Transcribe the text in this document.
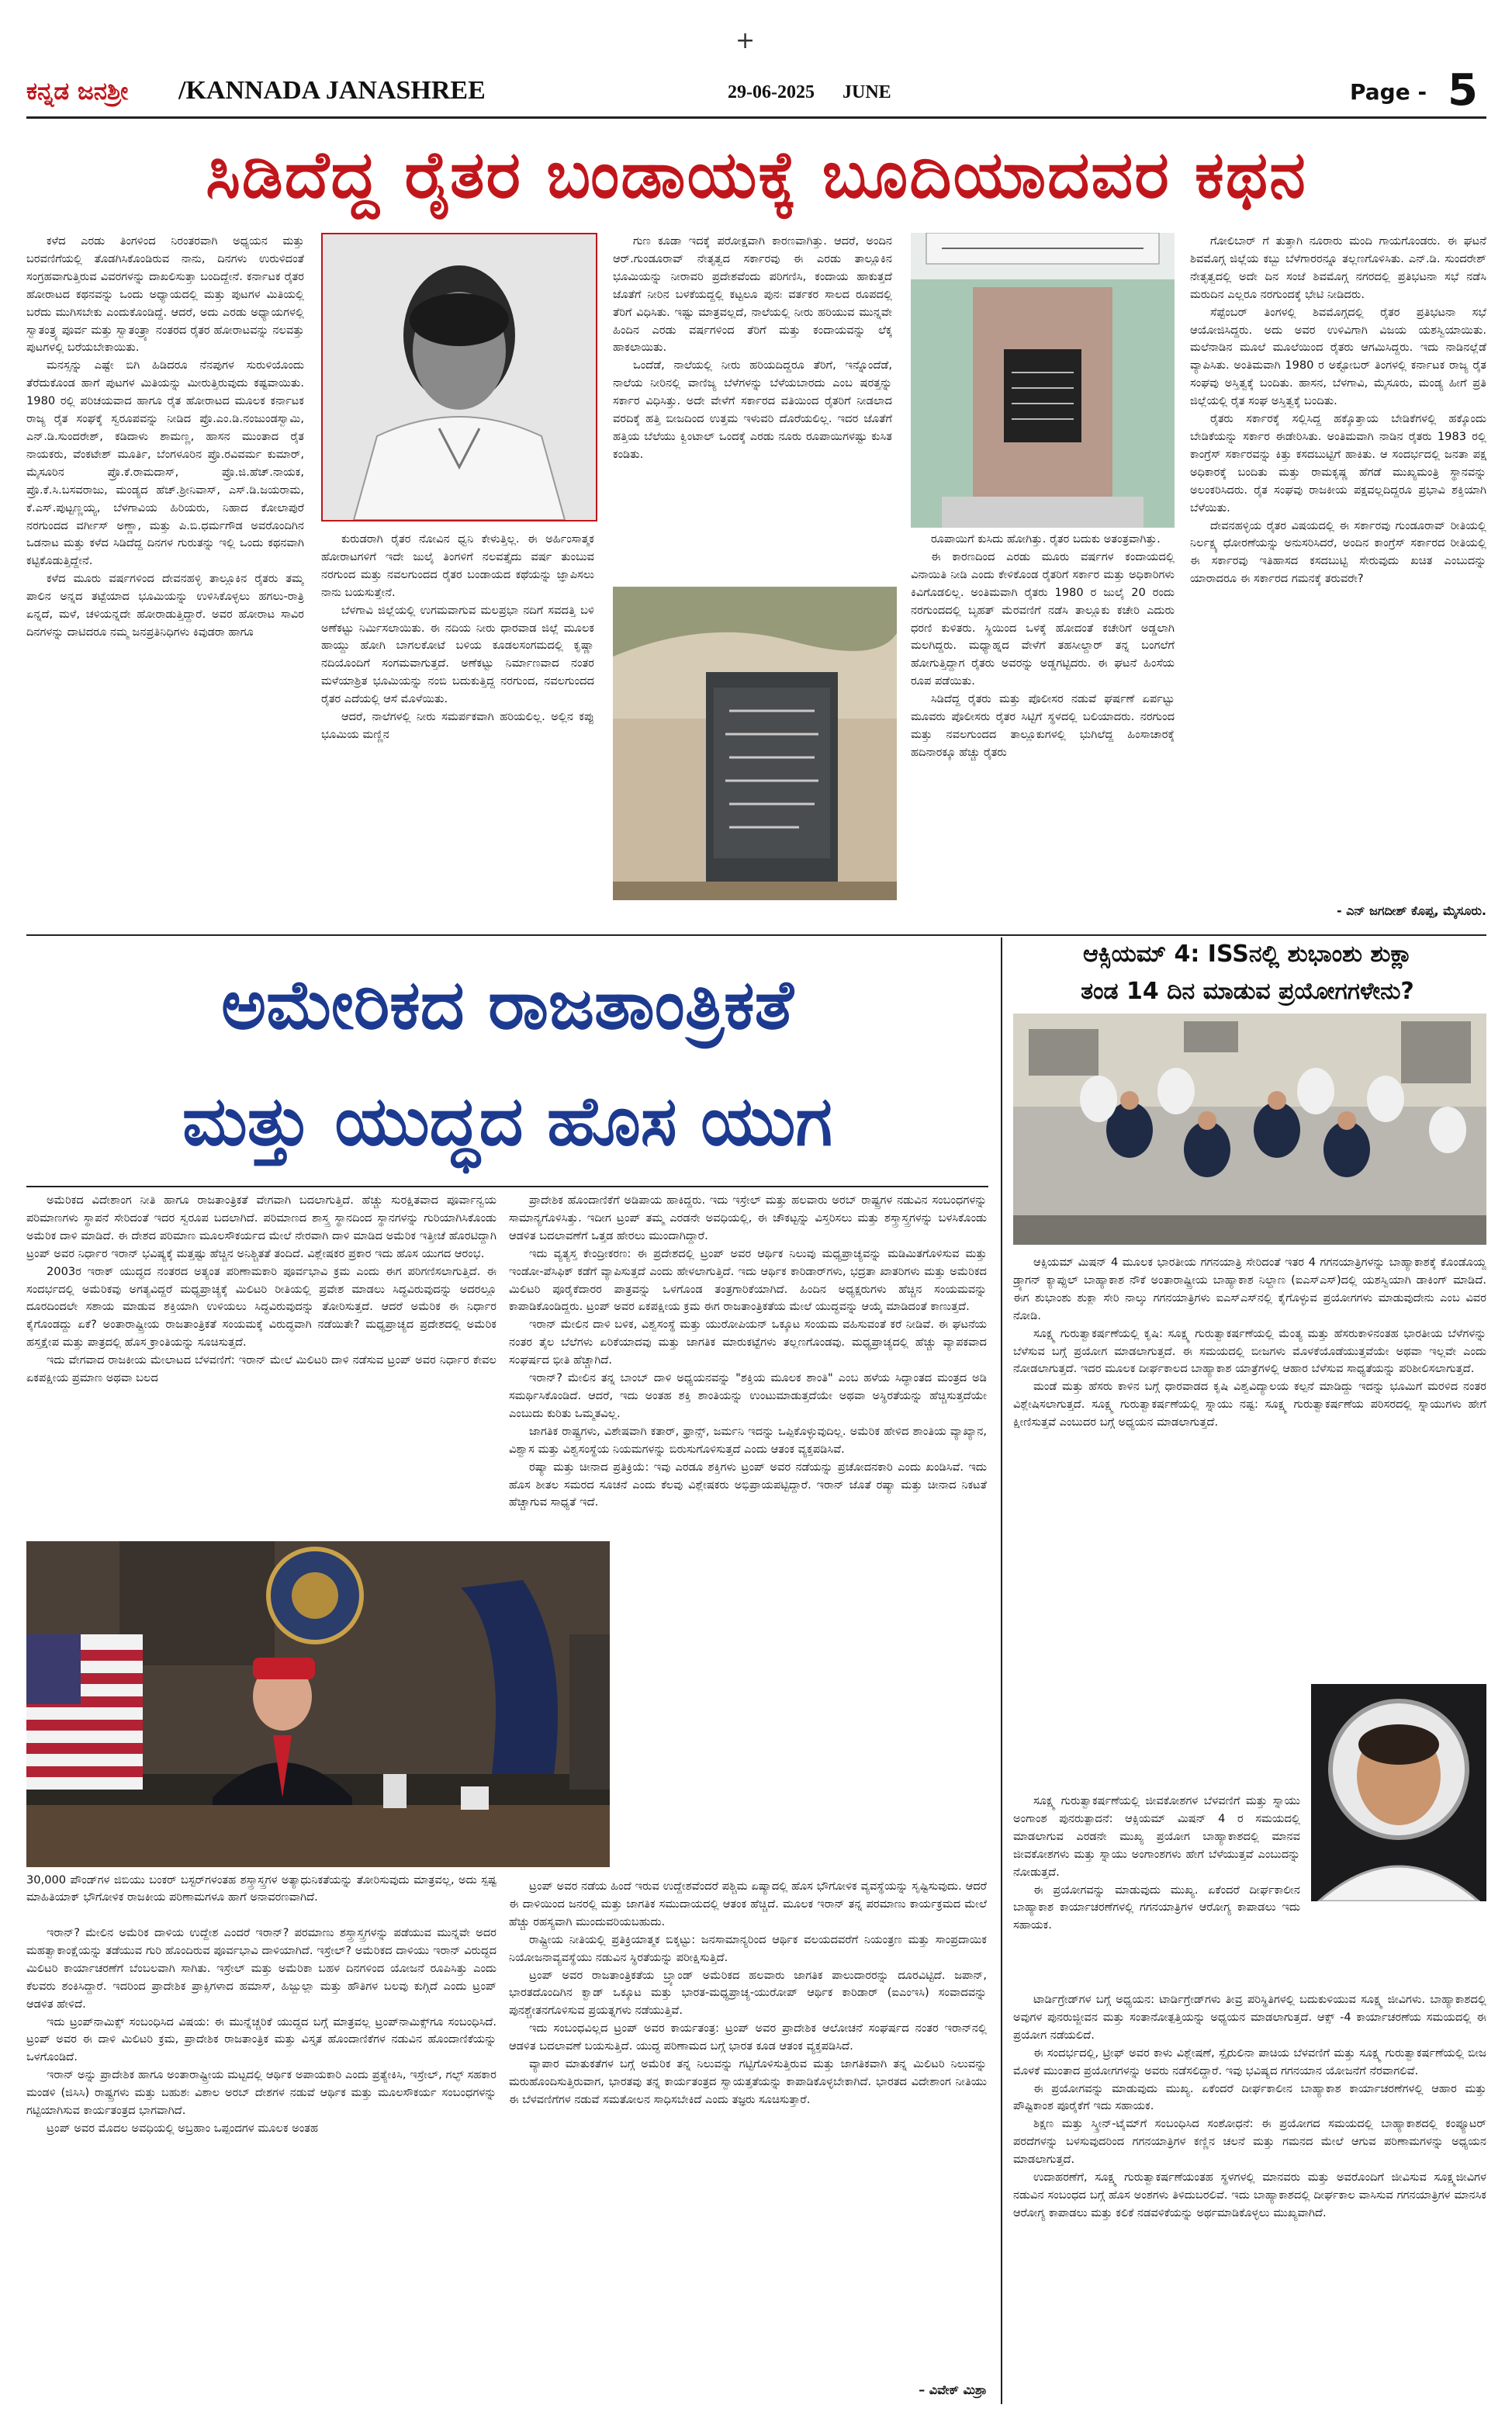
+
ಕನ್ನಡ ಜನಶ್ರೀ /KANNADA JANASHREE	29-06-2025 JUNE	Page - 5
ಸಿಡಿದೆದ್ದ ರೈತರ ಬಂಡಾಯಕ್ಕೆ ಬೂದಿಯಾದವರ ಕಥನ

ಕಳೆದ ಎರಡು ತಿಂಗಳಿಂದ ನಿರಂತರವಾಗಿ ಅಧ್ಯಯನ ಮತ್ತು ಬರವಣಿಗೆಯಲ್ಲಿ ತೊಡಗಿಸಿಕೊಂಡಿರುವ ನಾನು, ದಿನಗಳು ಉರುಳಿದಂತೆ ಸಂಗ್ರಹವಾಗುತ್ತಿರುವ ವಿವರಗಳನ್ನು ದಾಖಲಿಸುತ್ತಾ ಬಂದಿದ್ದೇನೆ. ಕರ್ನಾಟಕ ರೈತರ ಹೋರಾಟದ ಕಥನವನ್ನು ಒಂದು ಅಧ್ಯಾಯದಲ್ಲಿ ಮತ್ತು ಪುಟಗಳ ಮಿತಿಯಲ್ಲಿ ಬರೆದು ಮುಗಿಸಬೇಕು ಎಂದುಕೊಂಡಿದ್ದೆ. ಆದರೆ, ಅದು ಎರಡು ಅಧ್ಯಾಯಗಳಲ್ಲಿ ಸ್ವಾತಂತ್ರ್ಯ ಪೂರ್ವ ಮತ್ತು ಸ್ವಾತಂತ್ರ್ಯಾ ನಂತರದ ರೈತರ ಹೋರಾಟವನ್ನು ನಲವತ್ತು ಪುಟಗಳಲ್ಲಿ ಬರೆಯಬೇಕಾಯಿತು.

ಮನಸ್ಸನ್ನು ಎಷ್ಟೇ ಬಿಗಿ ಹಿಡಿದರೂ ನೆನಪುಗಳ ಸುರುಳಿಯೊಂದು ತೆರೆದುಕೊಂಡ ಹಾಗೆ ಪುಟಗಳ ಮಿತಿಯನ್ನು ಮೀರುತ್ತಿರುವುದು ಕಷ್ಟವಾಯಿತು. 1980 ರಲ್ಲಿ ಪರಿಚಯವಾದ ಹಾಗೂ ರೈತ ಹೋರಾಟದ ಮೂಲಕ ಕರ್ನಾಟಕ ರಾಜ್ಯ ರೈತ ಸಂಘಕ್ಕೆ ಸ್ವರೂಪವನ್ನು ನೀಡಿದ ಪ್ರೊ.ಎಂ.ಡಿ.ನಂಜುಂಡಸ್ವಾಮಿ, ಎನ್.ಡಿ.ಸುಂದರೇಶ್, ಕಡಿದಾಳು ಶಾಮಣ್ಣ, ಹಾಸನ ಮುಂತಾದ ರೈತ ನಾಯಕರು, ವೆಂಕಟೇಶ್ ಮೂರ್ತಿ, ಬೆಂಗಳೂರಿನ ಪ್ರೊ.ರವಿವರ್ಮ ಕುಮಾರ್, ಮೈಸೂರಿನ ಪ್ರೊ.ಕೆ.ರಾಮದಾಸ್, ಪ್ರೊ.ಜಿ.ಹೆಚ್.ನಾಯಕ, ಪ್ರೊ.ಕೆ.ಸಿ.ಬಸವರಾಜು, ಮಂಡ್ಯದ ಹೆಚ್.ಶ್ರೀನಿವಾಸ್, ಎಸ್.ಡಿ.ಜಯರಾಮ, ಕೆ.ಎಸ್.ಪುಟ್ಟಣ್ಣಯ್ಯ, ಬೆಳಗಾವಿಯ ಹಿರಿಯರು, ನಿಹಾದ ಕೋಲಾಪುರೆ ನರಗುಂದದ ವರ್ಗೀಸ್ ಅಣ್ಣಾ, ಮತ್ತು ಪಿ.ಬಿ.ಧರ್ಮಗೌಡ ಅವರೊಂದಿಗಿನ ಒಡನಾಟ ಮತ್ತು ಕಳೆದ ಸಿಡಿದೆದ್ದ ದಿನಗಳ ಗುರುತನ್ನು ಇಲ್ಲಿ ಒಂದು ಕಥನವಾಗಿ ಕಟ್ಟಿಕೊಡುತ್ತಿದ್ದೇನೆ.

ಕಳೆದ ಮೂರು ವರ್ಷಗಳಿಂದ ದೇವನಹಳ್ಳಿ ತಾಲ್ಲೂಕಿನ ರೈತರು ತಮ್ಮ ಪಾಲಿನ ಅನ್ನದ ತಟ್ಟೆಯಾದ ಭೂಮಿಯನ್ನು ಉಳಿಸಿಕೊಳ್ಳಲು ಹಗಲು-ರಾತ್ರಿ ಏನ್ನದೆ, ಮಳೆ, ಚಳಿಯನ್ನದೇ ಹೋರಾಡುತ್ತಿದ್ದಾರೆ. ಅವರ ಹೋರಾಟ ಸಾವಿರ ದಿನಗಳನ್ನು ದಾಟಿದರೂ ನಮ್ಮ ಜನಪ್ರತಿನಿಧಿಗಳು ಕಿವುಡರಾ ಹಾಗೂ

ಕುರುಡರಾಗಿ ರೈತರ ನೋವಿನ ಧ್ವನಿ ಕೇಳುತ್ತಿಲ್ಲ. ಈ ಅರ್ಹಿಂಸಾತ್ಮಕ ಹೋರಾಟಗಳಿಗೆ ಇದೇ ಜುಲೈ ತಿಂಗಳಿಗೆ ನಲವತ್ತೈದು ವರ್ಷ ತುಂಬುವ ನರಗುಂದ ಮತ್ತು ನವಲಗುಂದದ ರೈತರ ಬಂಡಾಯದ ಕಥೆಯನ್ನು ಜ್ಞಾಪಿಸಲು ನಾನು ಬಯಸುತ್ತೇನೆ.

ಬೆಳಗಾವಿ ಜಿಲ್ಲೆಯಲ್ಲಿ ಉಗಮವಾಗುವ ಮಲಪ್ರಭಾ ನದಿಗೆ ಸವದತ್ತಿ ಬಳಿ ಅಣೆಕಟ್ಟು ನಿರ್ಮಿಸಲಾಯಿತು. ಈ ನದಿಯ ನೀರು ಧಾರವಾಡ ಜಿಲ್ಲೆ ಮೂಲಕ ಹಾಯ್ದು ಹೋಗಿ ಬಾಗಲಕೋಟೆ ಬಳಿಯ ಕೂಡಲಸಂಗಮದಲ್ಲಿ ಕೃಷ್ಣಾ ನದಿಯೊಂದಿಗೆ ಸಂಗಮವಾಗುತ್ತದೆ. ಅಣೆಕಟ್ಟು ನಿರ್ಮಾಣವಾದ ನಂತರ ಮಳೆಯಾಶ್ರಿತ ಭೂಮಿಯನ್ನು ನಂಬಿ ಬದುಕುತ್ತಿದ್ದ ನರಗುಂದ, ನವಲಗುಂದದ ರೈತರ ಎದೆಯಲ್ಲಿ ಆಸೆ ಮೊಳೆಯಿತು.

ಆದರೆ, ನಾಲೆಗಳಲ್ಲಿ ನೀರು ಸಮರ್ಪಕವಾಗಿ ಹರಿಯಲಿಲ್ಲ. ಅಲ್ಲಿನ ಕಪ್ಪು ಭೂಮಿಯ ಮಣ್ಣಿನ

ಗುಣ ಕೂಡಾ ಇದಕ್ಕೆ ಪರೋಕ್ಷವಾಗಿ ಕಾರಣವಾಗಿತ್ತು. ಆದರೆ, ಅಂದಿನ ಆರ್.ಗುಂಡೂರಾವ್ ನೇತೃತ್ವದ ಸರ್ಕಾರವು ಈ ಎರಡು ತಾಲ್ಲೂಕಿನ ಭೂಮಿಯನ್ನು ನೀರಾವರಿ ಪ್ರದೇಶವೆಂದು ಪರಿಗಣಿಸಿ, ಕಂದಾಯ ಹಾಕುತ್ತದೆ ಜೊತೆಗೆ ನೀರಿನ ಬಳಕೆಯದ್ದಲ್ಲಿ ಕಟ್ಟಲೂ ಪುನಃ ವರ್ತಕರ ಸಾಲದ ರೂಪದಲ್ಲಿ ತೆರಿಗೆ ವಿಧಿಸಿತು. ಇಷ್ಟು ಮಾತ್ರವಲ್ಲದೆ, ನಾಲೆಯಲ್ಲಿ ನೀರು ಹರಿಯುವ ಮುನ್ನವೇ ಹಿಂದಿನ ಎರಡು ವರ್ಷಗಳಿಂದ ತೆರಿಗೆ ಮತ್ತು ಕಂದಾಯವನ್ನು ಲೆಕ್ಕ ಹಾಕಲಾಯಿತು.

ಒಂದೆಡೆ, ನಾಲೆಯಲ್ಲಿ ನೀರು ಹರಿಯದಿದ್ದರೂ ತೆರಿಗೆ, ಇನ್ನೊಂದೆಡೆ, ನಾಲೆಯ ನೀರಿನಲ್ಲಿ ವಾಣಿಜ್ಯ ಬೆಳೆಗಳನ್ನು ಬೆಳೆಯಬಾರದು ಎಂಬ ಷರತ್ತನ್ನು ಸರ್ಕಾರ ವಿಧಿಸಿತ್ತು. ಅದೇ ವೇಳೆಗೆ ಸರ್ಕಾರದ ವತಿಯಿಂದ ರೈತರಿಗೆ ನೀಡಲಾದ ವರದಿಕ್ಕೆ ಹತ್ತಿ ಬೀಜದಿಂದ ಉತ್ತಮ ಇಳುವರಿ ದೊರೆಯಲಿಲ್ಲ. ಇದರ ಜೊತೆಗೆ ಹತ್ತಿಯ ಬೆಲೆಯು ಕ್ವಿಂಟಾಲ್ ಒಂದಕ್ಕೆ ಎರಡು ನೂರು ರೂಪಾಯಿಗಳಷ್ಟು ಕುಸಿತ ಕಂಡಿತು.

ರೂಪಾಯಿಗೆ ಕುಸಿದು ಹೋಗಿತ್ತು. ರೈತರ ಬದುಕು ಅತಂತ್ರವಾಗಿತ್ತು.

ಈ ಕಾರಣದಿಂದ ಎರಡು ಮೂರು ವರ್ಷಗಳ ಕಂದಾಯದಲ್ಲಿ ವಿನಾಯಿತಿ ನೀಡಿ ಎಂದು ಕೇಳಿಕೊಂಡ ರೈತರಿಗೆ ಸರ್ಕಾರ ಮತ್ತು ಅಧಿಕಾರಿಗಳು ಕಿವಿಗೊಡಲಿಲ್ಲ. ಅಂತಿಮವಾಗಿ ರೈತರು 1980 ರ ಜುಲೈ 20 ರಂದು ನರಗುಂದದಲ್ಲಿ ಬೃಹತ್ ಮೆರವಣಿಗೆ ನಡೆಸಿ ತಾಲ್ಲೂಕು ಕಚೇರಿ ಎದುರು ಧರಣಿ ಕುಳಿತರು. ಸ್ಥಿಯಿಂದ ಒಳಕ್ಕೆ ಹೋದಂತೆ ಕಚೇರಿಗೆ ಅಡ್ಡಲಾಗಿ ಮಲಗಿದ್ದರು. ಮಧ್ಯಾಹ್ನದ ವೇಳೆಗೆ ತಹಸೀಲ್ದಾರ್ ತನ್ನ ಬಂಗಲೆಗೆ ಹೋಗುತ್ತಿದ್ದಾಗ ರೈತರು ಅವರನ್ನು ಅಡ್ಡಗಟ್ಟಿದರು. ಈ ಘಟನೆ ಹಿಂಸೆಯ ರೂಪ ಪಡೆಯಿತು.

ಸಿಡಿದೆದ್ದ ರೈತರು ಮತ್ತು ಪೊಲೀಸರ ನಡುವೆ ಘರ್ಷಣೆ ಏರ್ಪಟ್ಟು ಮೂವರು ಪೊಲೀಸರು ರೈತರ ಸಿಟ್ಟಿಗೆ ಸ್ಥಳದಲ್ಲಿ ಬಲಿಯಾದರು. ನರಗುಂದ ಮತ್ತು ನವಲಗುಂದದ ತಾಲ್ಲೂಕುಗಳಲ್ಲಿ ಭುಗಿಲೆದ್ದ ಹಿಂಸಾಚಾರಕ್ಕೆ ಹದಿನಾರಕ್ಕೂ ಹೆಚ್ಚು ರೈತರು

ಗೋಲಿಬಾರ್ ಗೆ ತುತ್ತಾಗಿ ನೂರಾರು ಮಂದಿ ಗಾಯಗೊಂಡರು. ಈ ಘಟನೆ ಶಿವಮೊಗ್ಗ ಜಿಲ್ಲೆಯ ಕಬ್ಬು ಬೆಳೆಗಾರರನ್ನೂ ತಲ್ಲಣಗೊಳಿಸಿತು. ಎನ್.ಡಿ. ಸುಂದರೇಶ್ ನೇತೃತ್ವದಲ್ಲಿ ಅದೇ ದಿನ ಸಂಜೆ ಶಿವಮೊಗ್ಗ ನಗರದಲ್ಲಿ ಪ್ರತಿಭಟನಾ ಸಭೆ ನಡೆಸಿ ಮರುದಿನ ಎಲ್ಲರೂ ನರಗುಂದಕ್ಕೆ ಭೇಟಿ ನೀಡಿದರು.

ಸೆಪ್ಟೆಂಬರ್ ತಿಂಗಳಲ್ಲಿ ಶಿವಮೊಗ್ಗದಲ್ಲಿ ರೈತರ ಪ್ರತಿಭಟನಾ ಸಭೆ ಆಯೋಜಿಸಿದ್ದರು. ಅದು ಅವರ ಉಳಿವಿಗಾಗಿ ವಿಜಯ ಯಶಸ್ವಿಯಾಯಿತು. ಮಲೆನಾಡಿನ ಮೂಲೆ ಮೂಲೆಯಿಂದ ರೈತರು ಆಗಮಿಸಿದ್ದರು. ಇದು ನಾಡಿನಲ್ಲೆಡೆ ವ್ಯಾಪಿಸಿತು. ಅಂತಿಮವಾಗಿ 1980 ರ ಅಕ್ಟೋಬರ್ ತಿಂಗಳಲ್ಲಿ ಕರ್ನಾಟಕ ರಾಜ್ಯ ರೈತ ಸಂಘವು ಅಸ್ತಿತ್ವಕ್ಕೆ ಬಂದಿತು. ಹಾಸನ, ಬೆಳಗಾವಿ, ಮೈಸೂರು, ಮಂಡ್ಯ ಹೀಗೆ ಪ್ರತಿ ಜಿಲ್ಲೆಯಲ್ಲಿ ರೈತ ಸಂಘ ಅಸ್ತಿತ್ವಕ್ಕೆ ಬಂದಿತು.

ರೈತರು ಸರ್ಕಾರಕ್ಕೆ ಸಲ್ಲಿಸಿದ್ದ ಹಕ್ಕೊತ್ತಾಯ ಬೇಡಿಕೆಗಳಲ್ಲಿ ಹಕ್ಕೊಂದು ಬೇಡಿಕೆಯನ್ನು ಸರ್ಕಾರ ಈಡೇರಿಸಿತು. ಅಂತಿಮವಾಗಿ ನಾಡಿನ ರೈತರು 1983 ರಲ್ಲಿ ಕಾಂಗ್ರೆಸ್ ಸರ್ಕಾರವನ್ನು ಕಿತ್ತು ಕಸದಬುಟ್ಟಿಗೆ ಹಾಕಿತು. ಆ ಸಂದರ್ಭದಲ್ಲಿ ಜನತಾ ಪಕ್ಷ ಅಧಿಕಾರಕ್ಕೆ ಬಂದಿತು ಮತ್ತು ರಾಮಕೃಷ್ಣ ಹೆಗಡೆ ಮುಖ್ಯಮಂತ್ರಿ ಸ್ಥಾನವನ್ನು ಅಲಂಕರಿಸಿದರು. ರೈತ ಸಂಘವು ರಾಜಕೀಯ ಪಕ್ಷವಲ್ಲದಿದ್ದರೂ ಪ್ರಭಾವಿ ಶಕ್ತಿಯಾಗಿ ಬೆಳೆಯಿತು.

ದೇವನಹಳ್ಳಿಯ ರೈತರ ವಿಷಯದಲ್ಲಿ ಈ ಸರ್ಕಾರವು ಗುಂಡೂರಾವ್ ರೀತಿಯಲ್ಲಿ ನಿರ್ಲಕ್ಷ್ಯ ಧೋರಣೆಯನ್ನು ಅನುಸರಿಸಿದರೆ, ಅಂದಿನ ಕಾಂಗ್ರೆಸ್ ಸರ್ಕಾರದ ರೀತಿಯಲ್ಲಿ ಈ ಸರ್ಕಾರವು ಇತಿಹಾಸದ ಕಸದಬುಟ್ಟಿ ಸೇರುವುದು ಖಚಿತ ಎಂಬುದನ್ನು ಯಾರಾದರೂ ಈ ಸರ್ಕಾರದ ಗಮನಕ್ಕೆ ತರುವರೇ?

- ಎನ್ ಜಗದೀಶ್ ಕೊಪ್ಪ, ಮೈಸೂರು.
ಅಮೇರಿಕದ ರಾಜತಾಂತ್ರಿಕತೆ
ಮತ್ತು ಯುದ್ಧದ ಹೊಸ ಯುಗ

ಅಮೆರಿಕದ ವಿದೇಶಾಂಗ ನೀತಿ ಹಾಗೂ ರಾಜತಾಂತ್ರಿಕತೆ ವೇಗವಾಗಿ ಬದಲಾಗುತ್ತಿದೆ. ಹೆಚ್ಚು ಸುರಕ್ಷಿತವಾದ ಪೂರ್ವಾನ್ವಯ ಪರಿಮಾಣಗಳು ಸ್ಥಾಪನೆ ಸೇರಿದಂತೆ ಇದರ ಸ್ವರೂಪ ಬದಲಾಗಿದೆ. ಪರಿಮಾಣದ ಶಾಸ್ತ್ರ ಸ್ಥಾನದಿಂದ ಸ್ಥಾನಗಳನ್ನು ಗುರಿಯಾಗಿಸಿಕೊಂಡು ಅಮೆರಿಕ ದಾಳಿ ಮಾಡಿದೆ. ಈ ದೇಶದ ಪರಿಮಾಣ ಮೂಲಸೌಕರ್ಯದ ಮೇಲೆ ನೇರವಾಗಿ ದಾಳಿ ಮಾಡಿದ ಅಮೆರಿಕ ಇತ್ತೀಚೆ ಹೊರಟಿದ್ದಾಗಿ ಟ್ರಂಪ್ ಅವರ ನಿರ್ಧಾರ ಇರಾನ್ ಭವಿಷ್ಯಕ್ಕೆ ಮತ್ತಷ್ಟು ಹೆಚ್ಚಿನ ಅನಿಶ್ಚಿತತೆ ತಂದಿದೆ. ವಿಶ್ಲೇಷಕರ ಪ್ರಕಾರ ಇದು ಹೊಸ ಯುಗದ ಆರಂಭ.

2003ರ ಇರಾಕ್ ಯುದ್ಧದ ನಂತರದ ಅತ್ಯಂತ ಪರಿಣಾಮಕಾರಿ ಪೂರ್ವಭಾವಿ ಕ್ರಮ ಎಂದು ಈಗ ಪರಿಗಣಿಸಲಾಗುತ್ತಿದೆ. ಈ ಸಂದರ್ಭದಲ್ಲಿ ಅಮೆರಿಕವು ಅಗತ್ಯವಿದ್ದರೆ ಮಧ್ಯಪ್ರಾಚ್ಯಕ್ಕೆ ಮಿಲಿಟರಿ ರೀತಿಯಲ್ಲಿ ಪ್ರವೇಶ ಮಾಡಲು ಸಿದ್ಧವಿರುವುದನ್ನು ಅದರಲ್ಲೂ ದೂರದಿಂದಲೇ ಸಶಾಯ ಮಾಡುವ ಶಕ್ತಿಯಾಗಿ ಉಳಿಯಲು ಸಿದ್ಧವಿರುವುದನ್ನು ತೋರಿಸುತ್ತದೆ. ಆದರೆ ಅಮೆರಿಕ ಈ ನಿರ್ಧಾರ ಕೈಗೊಂಡದ್ದು ಏಕೆ? ಅಂತಾರಾಷ್ಟ್ರೀಯ ರಾಜತಾಂತ್ರಿಕತೆ ಸಂಯಮಕ್ಕೆ ವಿರುದ್ಧವಾಗಿ ನಡೆಯಿತೇ? ಮಧ್ಯಪ್ರಾಚ್ಯದ ಪ್ರದೇಶದಲ್ಲಿ ಅಮೆರಿಕ ಹಸ್ತಕ್ಷೇಪ ಮತ್ತು ಪಾತ್ರದಲ್ಲಿ ಹೊಸ ಕ್ರಾಂತಿಯನ್ನು ಸೂಚಿಸುತ್ತದೆ.

ಇದು ವೇಗವಾದ ರಾಜಕೀಯ ಮೇಲಾಟದ ಬೆಳವಣಿಗೆ: ಇರಾನ್ ಮೇಲೆ ಮಿಲಿಟರಿ ದಾಳಿ ನಡೆಸುವ ಟ್ರಂಪ್ ಅವರ ನಿರ್ಧಾರ ಕೇವಲ ಏಕಪಕ್ಷೀಯ ಪ್ರಮಾಣ ಅಥವಾ ಬಲದ

ಪ್ರಾದೇಶಿಕ ಹೊಂದಾಣಿಕೆಗೆ ಅಡಿಪಾಯ ಹಾಕಿದ್ದರು. ಇದು ಇಸ್ರೇಲ್ ಮತ್ತು ಹಲವಾರು ಅರಬ್ ರಾಷ್ಟ್ರಗಳ ನಡುವಿನ ಸಂಬಂಧಗಳನ್ನು ಸಾಮಾನ್ಯಗೊಳಿಸಿತ್ತು. ಇದೀಗ ಟ್ರಂಪ್ ತಮ್ಮ ಎರಡನೇ ಅವಧಿಯಲ್ಲಿ, ಈ ಚೌಕಟ್ಟನ್ನು ವಿಸ್ತರಿಸಲು ಮತ್ತು ಶಸ್ತ್ರಾಸ್ತ್ರಗಳನ್ನು ಬಳಸಿಕೊಂಡು ಆಡಳಿತ ಬದಲಾವಣೆಗೆ ಒತ್ತಡ ಹೇರಲು ಮುಂದಾಗಿದ್ದಾರೆ.

ಇದು ವ್ಯತ್ಯಸ್ತ ಕೇಂದ್ರೀಕರಣ: ಈ ಪ್ರದೇಶದಲ್ಲಿ ಟ್ರಂಪ್ ಅವರ ಆರ್ಥಿಕ ನಿಲುವು ಮಧ್ಯಪ್ರಾಚ್ಯವನ್ನು ಮಡಿಮಿತಗೊಳಿಸುವ ಮತ್ತು ಇಂಡೋ-ಪೆಸಿಫಿಕ್ ಕಡೆಗೆ ವ್ಯಾಪಿಸುತ್ತದೆ ಎಂದು ಹೇಳಲಾಗುತ್ತಿದೆ. ಇದು ಆರ್ಥಿಕ ಕಾರಿಡಾರ್‌ಗಳು, ಭದ್ರತಾ ಖಾತರಿಗಳು ಮತ್ತು ಅಮೆರಿಕದ ಮಿಲಿಟರಿ ಪೂರೈಕೆದಾರರ ಪಾತ್ರವನ್ನು ಒಳಗೊಂಡ ತಂತ್ರಗಾರಿಕೆಯಾಗಿದೆ. ಹಿಂದಿನ ಅಧ್ಯಕ್ಷರುಗಳು ಹೆಚ್ಚಿನ ಸಂಯಮವನ್ನು ಕಾಪಾಡಿಕೊಂಡಿದ್ದರು. ಟ್ರಂಪ್ ಅವರ ಏಕಪಕ್ಷೀಯ ಕ್ರಮ ಈಗ ರಾಜತಾಂತ್ರಿಕತೆಯ ಮೇಲೆ ಯುದ್ಧವನ್ನು ಆಯ್ಕೆ ಮಾಡಿದಂತೆ ಕಾಣುತ್ತದೆ.

ಇರಾನ್ ಮೇಲಿನ ದಾಳಿ ಬಳಿಕ, ವಿಶ್ವಸಂಸ್ಥೆ ಮತ್ತು ಯುರೋಪಿಯನ್ ಒಕ್ಕೂಟ ಸಂಯಮ ವಹಿಸುವಂತೆ ಕರೆ ನೀಡಿವೆ. ಈ ಘಟನೆಯ ನಂತರ ತೈಲ ಬೆಲೆಗಳು ಏರಿಕೆಯಾದವು ಮತ್ತು ಜಾಗತಿಕ ಮಾರುಕಟ್ಟೆಗಳು ತಲ್ಲಣಗೊಂಡವು. ಮಧ್ಯಪ್ರಾಚ್ಯದಲ್ಲಿ ಹೆಚ್ಚು ವ್ಯಾಪಕವಾದ ಸಂಘರ್ಷದ ಭೀತಿ ಹೆಚ್ಚಾಗಿದೆ.

ಇರಾನ್? ಮೇಲಿನ ತನ್ನ ಬಾಂಬ್ ದಾಳಿ ಅಧ್ಯಯನವನ್ನು "ಶಕ್ತಿಯ ಮೂಲಕ ಶಾಂತಿ" ಎಂಬ ಹಳೆಯ ಸಿದ್ಧಾಂತದ ಮಂತ್ರದ ಅಡಿ ಸಮರ್ಥಿಸಿಕೊಂಡಿದೆ. ಆದರೆ, ಇದು ಅಂತಹ ಶಕ್ತಿ ಶಾಂತಿಯನ್ನು ಉಂಟುಮಾಡುತ್ತದೆಯೇ ಅಥವಾ ಅಸ್ಥಿರತೆಯನ್ನು ಹೆಚ್ಚಿಸುತ್ತದೆಯೇ ಎಂಬುದು ಕುರಿತು ಒಮ್ಮತವಿಲ್ಲ.

ಜಾಗತಿಕ ರಾಷ್ಟ್ರಗಳು, ವಿಶೇಷವಾಗಿ ಕತಾರ್, ಫ್ರಾನ್ಸ್, ಜರ್ಮನಿ ಇದನ್ನು ಒಪ್ಪಿಕೊಳ್ಳುವುದಿಲ್ಲ. ಅಮೆರಿಕ ಹೇಳಿದ ಶಾಂತಿಯ ವ್ಯಾಖ್ಯಾನ, ವಿಶ್ವಾಸ ಮತ್ತು ವಿಶ್ವಸಂಸ್ಥೆಯ ನಿಯಮಗಳನ್ನು ಬಿರುಸುಗೊಳಿಸುತ್ತದೆ ಎಂದು ಆತಂಕ ವ್ಯಕ್ತಪಡಿಸಿವೆ.

ರಷ್ಯಾ ಮತ್ತು ಚೀನಾದ ಪ್ರತಿಕ್ರಿಯೆ: ಇವು ಎರಡೂ ಶಕ್ತಿಗಳು ಟ್ರಂಪ್ ಅವರ ನಡೆಯನ್ನು ಪ್ರಚೋದನಕಾರಿ ಎಂದು ಖಂಡಿಸಿವೆ. ಇದು ಹೊಸ ಶೀತಲ ಸಮರದ ಸೂಚನೆ ಎಂದು ಕೆಲವು ವಿಶ್ಲೇಷಕರು ಅಭಿಪ್ರಾಯಪಟ್ಟಿದ್ದಾರೆ. ಇರಾನ್ ಜೊತೆ ರಷ್ಯಾ ಮತ್ತು ಚೀನಾದ ನಿಕಟತೆ ಹೆಚ್ಚಾಗುವ ಸಾಧ್ಯತೆ ಇದೆ.

30,000 ಪೌಂಡ್‌ಗಳ ಜಿಬಿಯು ಬಂಕರ್ ಬಸ್ಟರ್‌ಗಳಂತಹ ಶಸ್ತ್ರಾಸ್ತ್ರಗಳ ಅತ್ಯಾಧುನಿಕತೆಯನ್ನು ತೋರಿಸುವುದು ಮಾತ್ರವಲ್ಲ, ಅದು ಸ್ಪಷ್ಟ ಮಾಹಿತಿಯಾಕ್ ಭೌಗೋಳಿಕ ರಾಜಕೀಯ ಪರಿಣಾಮಗಳೂ ಹಾಗೆ ಅನಾವರಣವಾಗಿದೆ.

ಇರಾನ್? ಮೇಲಿನ ಅಮೆರಿಕ ದಾಳಿಯ ಉದ್ದೇಶ ಎಂದರೆ ಇರಾನ್? ಪರಮಾಣು ಶಸ್ತ್ರಾಸ್ತ್ರಗಳನ್ನು ಪಡೆಯುವ ಮುನ್ನವೇ ಅದರ ಮಹತ್ವಾಕಾಂಕ್ಷೆಯನ್ನು ತಡೆಯುವ ಗುರಿ ಹೊಂದಿರುವ ಪೂರ್ವಭಾವಿ ದಾಳಿಯಾಗಿದೆ. ಇಸ್ರೇಲ್? ಅಮೆರಿಕದ ದಾಳಿಯು ಇರಾನ್ ವಿರುದ್ಧದ ಮಿಲಿಟರಿ ಕಾರ್ಯಾಚರಣೆಗೆ ಬೆಂಬಲವಾಗಿ ಸಾಗಿತು. ಇಸ್ರೇಲ್ ಮತ್ತು ಅಮೆರಿಕಾ ಬಹಳ ದಿನಗಳಿಂದ ಯೋಜನೆ ರೂಪಿಸಿತ್ತು ಎಂದು ಕೆಲವರು ಶಂಕಿಸಿದ್ದಾರೆ. ಇದರಿಂದ ಪ್ರಾದೇಶಿಕ ಪ್ರಾಕ್ಸಿಗಳಾದ ಹಮಾಸ್, ಹಿಜ್ಬುಲ್ಲಾ ಮತ್ತು ಹೌತಿಗಳ ಬಲವು ಕುಗ್ಗಿದೆ ಎಂದು ಟ್ರಂಪ್ ಆಡಳಿತ ಹೇಳಿದೆ.

ಇದು ಟ್ರಂಪ್‌ನಾಮಿಕ್ಸ್ ಸಂಬಂಧಿಸಿದ ವಿಷಯ: ಈ ಮುನ್ನೆಚ್ಚರಿಕೆ ಯುದ್ಧದ ಬಗ್ಗೆ ಮಾತ್ರವಲ್ಲ ಟ್ರಂಪ್‌ನಾಮಿಕ್ಸ್‌ಗೂ ಸಂಬಂಧಿಸಿದೆ. ಟ್ರಂಪ್ ಅವರ ಈ ದಾಳಿ ಮಿಲಿಟರಿ ಕ್ರಮ, ಪ್ರಾದೇಶಿಕ ರಾಜತಾಂತ್ರಿಕ ಮತ್ತು ವಿಸ್ತೃತ ಹೊಂದಾಣಿಕೆಗಳ ನಡುವಿನ ಹೊಂದಾಣಿಕೆಯನ್ನು ಒಳಗೊಂಡಿದೆ.

ಇರಾನ್ ಅನ್ನು ಪ್ರಾದೇಶಿಕ ಹಾಗೂ ಅಂತಾರಾಷ್ಟ್ರೀಯ ಮಟ್ಟದಲ್ಲಿ ಆರ್ಥಿಕ ಅಪಾಯಕಾರಿ ಎಂದು ಪ್ರತ್ಯೇಕಿಸಿ, ಇಸ್ರೇಲ್, ಗಲ್ಫ್ ಸಹಕಾರ ಮಂಡಳಿ (ಜಿಸಿಸಿ) ರಾಷ್ಟ್ರಗಳು ಮತ್ತು ಬಹುಶಃ ವಿಶಾಲ ಅರಬ್ ದೇಶಗಳ ನಡುವೆ ಆರ್ಥಿಕ ಮತ್ತು ಮೂಲಸೌಕರ್ಯ ಸಂಬಂಧಗಳನ್ನು ಗಟ್ಟಿಯಾಗಿಸುವ ಕಾರ್ಯತಂತ್ರದ ಭಾಗವಾಗಿದೆ.

ಟ್ರಂಪ್ ಅವರ ಮೊದಲ ಅವಧಿಯಲ್ಲಿ ಅಬ್ರಹಾಂ ಒಪ್ಪಂದಗಳ ಮೂಲಕ ಅಂತಹ

ಟ್ರಂಪ್ ಅವರ ನಡೆಯ ಹಿಂದೆ ಇರುವ ಉದ್ದೇಶವೆಂದರೆ ಪಶ್ಚಿಮ ಏಷ್ಯಾದಲ್ಲಿ ಹೊಸ ಭೌಗೋಳಿಕ ವ್ಯವಸ್ಥೆಯನ್ನು ಸೃಷ್ಟಿಸುವುದು. ಆದರೆ ಈ ದಾಳಿಯಿಂದ ಜನರಲ್ಲಿ ಮತ್ತು ಜಾಗತಿಕ ಸಮುದಾಯದಲ್ಲಿ ಆತಂಕ ಹೆಚ್ಚಿದೆ. ಮೂಲಕ ಇರಾನ್ ತನ್ನ ಪರಮಾಣು ಕಾರ್ಯಕ್ರಮದ ಮೇಲೆ ಹೆಚ್ಚು ರಹಸ್ಯವಾಗಿ ಮುಂದುವರಿಯಬಹುದು.

ರಾಷ್ಟ್ರೀಯ ನೀತಿಯಲ್ಲಿ ಪ್ರತಿಕ್ರಿಯಾತ್ಮಕ ಬಿಕ್ಕಟ್ಟು: ಜನಸಾಮಾನ್ಯರಿಂದ ಆರ್ಥಿಕ ವಲಯದವರೆಗೆ ನಿಯಂತ್ರಣ ಮತ್ತು ಸಾಂಪ್ರದಾಯಿಕ ನಿಯೋಜನಾವ್ಯವಸ್ಥೆಯು ನಡುವಿನ ಸ್ಥಿರತೆಯನ್ನು ಪರೀಕ್ಷಿಸುತ್ತಿದೆ.

ಟ್ರಂಪ್ ಅವರ ರಾಜತಾಂತ್ರಿಕತೆಯ ಬ್ರ್ಯಾಂಡ್ ಅಮೆರಿಕದ ಹಲವಾರು ಜಾಗತಿಕ ಪಾಲುದಾರರನ್ನು ದೂರವಿಟ್ಟಿದೆ. ಜಪಾನ್, ಭಾರತದೊಂದಿಗಿನ ಕ್ವಾಡ್ ಒಕ್ಕೂಟ ಮತ್ತು ಭಾರತ-ಮಧ್ಯಪ್ರಾಚ್ಯ-ಯುರೋಪ್ ಆರ್ಥಿಕ ಕಾರಿಡಾರ್ (ಐಎಂಇಸಿ) ಸಂವಾದವನ್ನು ಪುನಶ್ಚೇತನಗೊಳಿಸುವ ಪ್ರಯತ್ನಗಳು ನಡೆಯುತ್ತಿವೆ.

ಇದು ಸಂಬಂಧವಿಲ್ಲದ ಟ್ರಂಪ್ ಅವರ ಕಾರ್ಯತಂತ್ರ: ಟ್ರಂಪ್ ಅವರ ಪ್ರಾದೇಶಿಕ ಆಲೋಚನೆ ಸಂಘರ್ಷದ ನಂತರ ಇರಾನ್‌ನಲ್ಲಿ ಆಡಳಿತ ಬದಲಾವಣೆ ಬಯಸುತ್ತಿದೆ. ಯುದ್ಧ ಪರಿಣಾಮದ ಬಗ್ಗೆ ಭಾರತ ಕೂಡ ಆತಂಕ ವ್ಯಕ್ತಪಡಿಸಿದೆ.

ವ್ಯಾಪಾರ ಮಾತುಕತೆಗಳ ಬಗ್ಗೆ ಅಮೆರಿಕ ತನ್ನ ನಿಲುವನ್ನು ಗಟ್ಟಿಗೊಳಿಸುತ್ತಿರುವ ಮತ್ತು ಜಾಗತಿಕವಾಗಿ ತನ್ನ ಮಿಲಿಟರಿ ನಿಲುವನ್ನು ಮರುಹೊಂದಿಸುತ್ತಿರುವಾಗ, ಭಾರತವು ತನ್ನ ಕಾರ್ಯತಂತ್ರದ ಸ್ವಾಯತ್ತತೆಯನ್ನು ಕಾಪಾಡಿಕೊಳ್ಳಬೇಕಾಗಿದೆ. ಭಾರತದ ವಿದೇಶಾಂಗ ನೀತಿಯು ಈ ಬೆಳವಣಿಗೆಗಳ ನಡುವೆ ಸಮತೋಲನ ಸಾಧಿಸಬೇಕಿದೆ ಎಂದು ತಜ್ಞರು ಸೂಚಿಸುತ್ತಾರೆ.

– ವಿವೇಕ್ ಮಿಶ್ರಾ
ಆಕ್ಸಿಯಮ್ 4: ISSನಲ್ಲಿ ಶುಭಾಂಶು ಶುಕ್ಲಾ
ತಂಡ 14 ದಿನ ಮಾಡುವ ಪ್ರಯೋಗಗಳೇನು?

ಆಕ್ಸಿಯಮ್ ಮಿಷನ್ 4 ಮೂಲಕ ಭಾರತೀಯ ಗಗನಯಾತ್ರಿ ಸೇರಿದಂತೆ ಇತರ 4 ಗಗನಯಾತ್ರಿಗಳನ್ನು ಬಾಹ್ಯಾಕಾಶಕ್ಕೆ ಕೊಂಡೊಯ್ದ ಡ್ರ್ಯಾಗನ್ ಕ್ಯಾಪ್ಸುಲ್ ಬಾಹ್ಯಾಕಾಶ ನೌಕೆ ಅಂತಾರಾಷ್ಟ್ರೀಯ ಬಾಹ್ಯಾಕಾಶ ನಿಲ್ದಾಣ (ಐಎಸ್‌ಎಸ್)ದಲ್ಲಿ ಯಶಸ್ವಿಯಾಗಿ ಡಾಕಿಂಗ್ ಮಾಡಿದೆ. ಈಗ ಶುಭಾಂಶು ಶುಕ್ಲಾ ಸೇರಿ ನಾಲ್ಕು ಗಗನಯಾತ್ರಿಗಳು ಐಎಸ್‌ಎಸ್‌ನಲ್ಲಿ ಕೈಗೊಳ್ಳುವ ಪ್ರಯೋಗಗಳು ಮಾಡುವುದೇನು ಎಂಬ ವಿವರ ನೋಡಿ.

ಸೂಕ್ಷ್ಮ ಗುರುತ್ವಾಕರ್ಷಣೆಯಲ್ಲಿ ಕೃಷಿ: ಸೂಕ್ಷ್ಮ ಗುರುತ್ವಾಕರ್ಷಣೆಯಲ್ಲಿ ಮೆಂತ್ಯ ಮತ್ತು ಹೆಸರುಕಾಳಿನಂತಹ ಭಾರತೀಯ ಬೆಳೆಗಳನ್ನು ಬೆಳೆಸುವ ಬಗ್ಗೆ ಪ್ರಯೋಗ ಮಾಡಲಾಗುತ್ತದೆ. ಈ ಸಮಯದಲ್ಲಿ ಬೀಜಗಳು ಮೊಳಕೆಯೊಡೆಯುತ್ತವೆಯೇ ಅಥವಾ ಇಲ್ಲವೇ ಎಂದು ನೋಡಲಾಗುತ್ತದೆ. ಇದರ ಮೂಲಕ ದೀರ್ಘಕಾಲದ ಬಾಹ್ಯಾಕಾಶ ಯಾತ್ರೆಗಳಲ್ಲಿ ಆಹಾರ ಬೆಳೆಸುವ ಸಾಧ್ಯತೆಯನ್ನು ಪರಿಶೀಲಿಸಲಾಗುತ್ತದೆ.

ಮಂಡೆ ಮತ್ತು ಹೆಸರು ಕಾಳಿನ ಬಗ್ಗೆ ಧಾರವಾಡದ ಕೃಷಿ ವಿಶ್ವವಿದ್ಯಾಲಯ ಕಲ್ಪನೆ ಮಾಡಿದ್ದು ಇದನ್ನು ಭೂಮಿಗೆ ಮರಳಿದ ನಂತರ ವಿಶ್ಲೇಷಿಸಲಾಗುತ್ತದೆ. ಸೂಕ್ಷ್ಮ ಗುರುತ್ವಾಕರ್ಷಣೆಯಲ್ಲಿ ಸ್ನಾಯು ನಷ್ಟ: ಸೂಕ್ಷ್ಮ ಗುರುತ್ವಾಕರ್ಷಣೆಯ ಪರಿಸರದಲ್ಲಿ ಸ್ನಾಯುಗಳು ಹೇಗೆ ಕ್ಷೀಣಿಸುತ್ತವೆ ಎಂಬುದರ ಬಗ್ಗೆ ಅಧ್ಯಯನ ಮಾಡಲಾಗುತ್ತದೆ.

ಸೂಕ್ಷ್ಮ ಗುರುತ್ವಾಕರ್ಷಣೆಯಲ್ಲಿ ಜೀವಕೋಶಗಳ ಬೆಳವಣಿಗೆ ಮತ್ತು ಸ್ನಾಯು ಅಂಗಾಂಶ ಪುನರುತ್ಪಾದನೆ: ಆಕ್ಸಿಯಮ್ ಮಿಷನ್ 4 ರ ಸಮಯದಲ್ಲಿ ಮಾಡಲಾಗುವ ಎರಡನೇ ಮುಖ್ಯ ಪ್ರಯೋಗ ಬಾಹ್ಯಾಕಾಶದಲ್ಲಿ ಮಾನವ ಜೀವಕೋಶಗಳು ಮತ್ತು ಸ್ನಾಯು ಅಂಗಾಂಶಗಳು ಹೇಗೆ ಬೆಳೆಯುತ್ತವೆ ಎಂಬುದನ್ನು ನೋಡುತ್ತದೆ.

ಈ ಪ್ರಯೋಗವನ್ನು ಮಾಡುವುದು ಮುಖ್ಯ. ಏಕೆಂದರೆ ದೀರ್ಘಕಾಲೀನ ಬಾಹ್ಯಾಕಾಶ ಕಾರ್ಯಾಚರಣೆಗಳಲ್ಲಿ ಗಗನಯಾತ್ರಿಗಳ ಆರೋಗ್ಯ ಕಾಪಾಡಲು ಇದು ಸಹಾಯಕ.

ಟಾರ್ಡಿಗ್ರೇಡ್‌ಗಳ ಬಗ್ಗೆ ಅಧ್ಯಯನ: ಟಾರ್ಡಿಗ್ರೇಡ್‌ಗಳು ತೀವ್ರ ಪರಿಸ್ಥಿತಿಗಳಲ್ಲಿ ಬದುಕುಳಿಯುವ ಸೂಕ್ಷ್ಮ ಜೀವಿಗಳು. ಬಾಹ್ಯಾಕಾಶದಲ್ಲಿ ಅವುಗಳ ಪುನರುಜ್ಜೀವನ ಮತ್ತು ಸಂತಾನೋತ್ಪತ್ತಿಯನ್ನು ಅಧ್ಯಯನ ಮಾಡಲಾಗುತ್ತದೆ. ಆಕ್ಸ್ -4 ಕಾರ್ಯಾಚರಣೆಯ ಸಮಯದಲ್ಲಿ ಈ ಪ್ರಯೋಗ ನಡೆಯಲಿದೆ.

ಈ ಸಂದರ್ಭದಲ್ಲಿ, ಟ್ರೀಫ್ ಅವರ ಕಾಳು ವಿಶ್ಲೇಷಣೆ, ಸ್ಪೈರುಲಿನಾ ಪಾಚಿಯ ಬೆಳವಣಿಗೆ ಮತ್ತು ಸೂಕ್ಷ್ಮ ಗುರುತ್ವಾಕರ್ಷಣೆಯಲ್ಲಿ ಬೀಜ ಮೊಳಕೆ ಮುಂತಾದ ಪ್ರಯೋಗಗಳನ್ನು ಅವರು ನಡೆಸಲಿದ್ದಾರೆ. ಇವು ಭವಿಷ್ಯದ ಗಗನಯಾನ ಯೋಜನೆಗೆ ನೆರವಾಗಲಿವೆ.

ಈ ಪ್ರಯೋಗವನ್ನು ಮಾಡುವುದು ಮುಖ್ಯ. ಏಕೆಂದರೆ ದೀರ್ಘಕಾಲೀನ ಬಾಹ್ಯಾಕಾಶ ಕಾರ್ಯಾಚರಣೆಗಳಲ್ಲಿ ಆಹಾರ ಮತ್ತು ಪೌಷ್ಟಿಕಾಂಶ ಪೂರೈಕೆಗೆ ಇದು ಸಹಾಯಕ.

ಶಿಕ್ಷಣ ಮತ್ತು ಸ್ಕ್ರೀನ್-ಟೈಮ್‌ಗೆ ಸಂಬಂಧಿಸಿದ ಸಂಶೋಧನೆ: ಈ ಪ್ರಯೋಗದ ಸಮಯದಲ್ಲಿ ಬಾಹ್ಯಾಕಾಶದಲ್ಲಿ ಕಂಪ್ಯೂಟರ್ ಪರದೆಗಳನ್ನು ಬಳಸುವುದರಿಂದ ಗಗನಯಾತ್ರಿಗಳ ಕಣ್ಣಿನ ಚಲನೆ ಮತ್ತು ಗಮನದ ಮೇಲೆ ಆಗುವ ಪರಿಣಾಮಗಳನ್ನು ಅಧ್ಯಯನ ಮಾಡಲಾಗುತ್ತದೆ.

ಉದಾಹರಣೆಗೆ, ಸೂಕ್ಷ್ಮ ಗುರುತ್ವಾಕರ್ಷಣೆಯಂತಹ ಸ್ಥಳಗಳಲ್ಲಿ ಮಾನವರು ಮತ್ತು ಅವರೊಂದಿಗೆ ಜೀವಿಸುವ ಸೂಕ್ಷ್ಮಜೀವಿಗಳ ನಡುವಿನ ಸಂಬಂಧದ ಬಗ್ಗೆ ಹೊಸ ಅಂಶಗಳು ತಿಳಿದುಬರಲಿವೆ. ಇದು ಬಾಹ್ಯಾಕಾಶದಲ್ಲಿ ದೀರ್ಘಕಾಲ ವಾಸಿಸುವ ಗಗನಯಾತ್ರಿಗಳ ಮಾನಸಿಕ ಆರೋಗ್ಯ ಕಾಪಾಡಲು ಮತ್ತು ಕಲಿಕೆ ನಡವಳಿಕೆಯನ್ನು ಅರ್ಥಮಾಡಿಕೊಳ್ಳಲು ಮುಖ್ಯವಾಗಿದೆ.
